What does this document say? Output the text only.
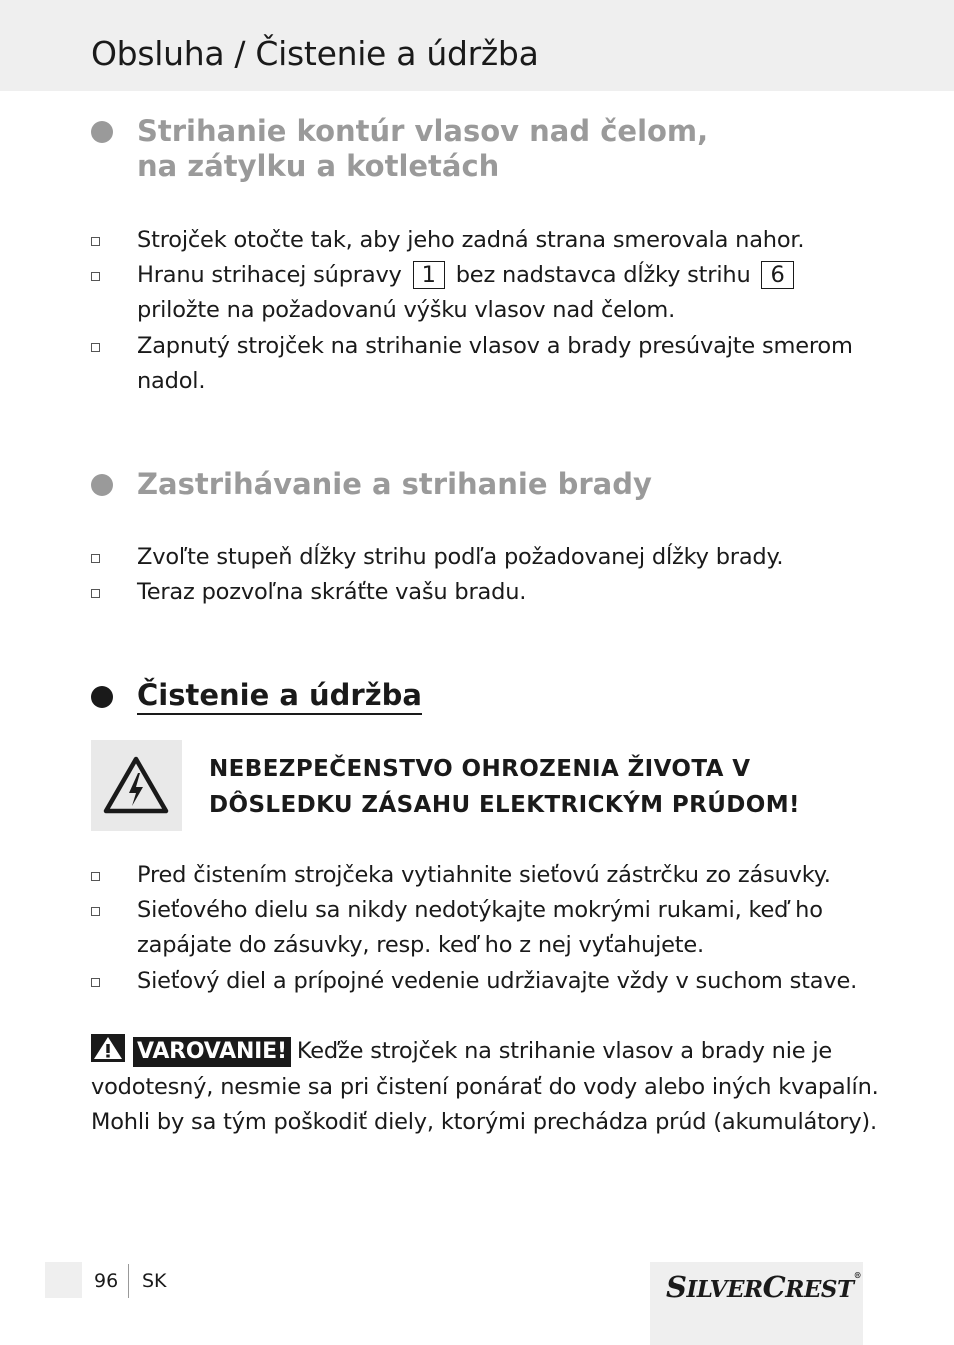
Obsluha / Čistenie a údržba
Strihanie kontúr vlasov nad čelom,
na zátylku a kotletách

Strojček otočte tak, aby jeho zadná strana smerovala nahor.

Hranu strihacej súpravy 1 bez nadstavca dĺžky strihu 6 priložte na požadovanú výšku vlasov nad čelom.

Zapnutý strojček na strihanie vlasov a brady presúvajte smerom nadol.

Zastrihávanie a strihanie brady

Zvoľte stupeň dĺžky strihu podľa požadovanej dĺžky brady.

Teraz pozvoľna skráťte vašu bradu.

Čistenie a údržba

NEBEZPEČENSTVO OHROZENIA ŽIVOTA V
DÔSLEDKU ZÁSAHU ELEKTRICKÝM PRÚDOM!

Pred čistením strojčeka vytiahnite sieťovú zástrčku zo zásuvky.

Sieťového dielu sa nikdy nedotýkajte mokrými rukami, keď ho zapájate do zásuvky, resp. keď ho z nej vyťahujete.

Sieťový diel a prípojné vedenie udržiavajte vždy v suchom stave.

VAROVANIE! Keďže strojček na strihanie vlasov a brady nie je vodotesný, nesmie sa pri čistení ponárať do vody alebo iných kvapalín. Mohli by sa tým poškodiť diely, ktorými prechádza prúd (akumulátory).

96 SK	SILVERCREST®
